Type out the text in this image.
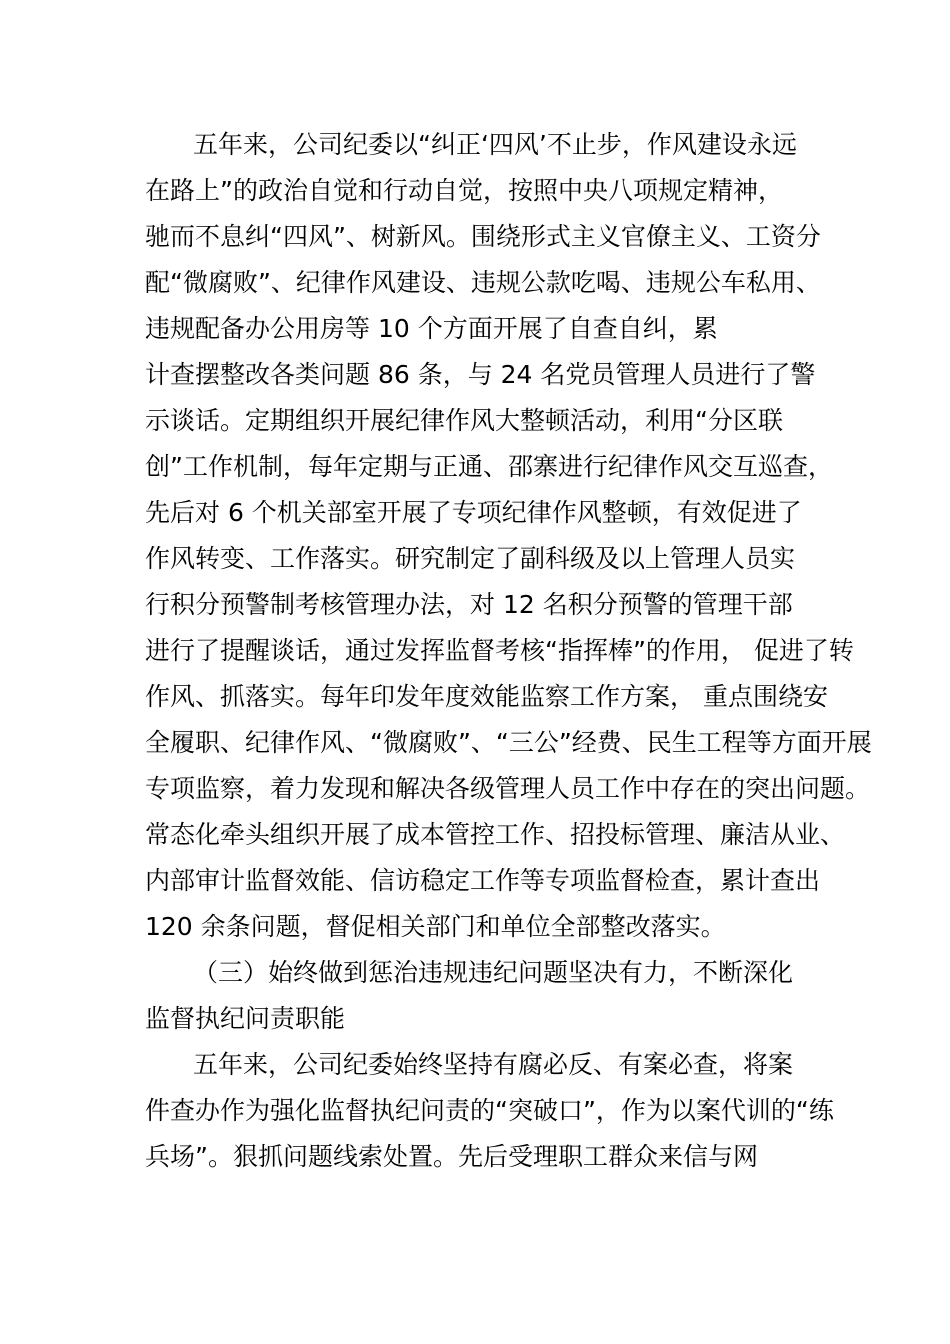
五年来，公司纪委以“纠正‘四风’不止步，作风建设永远
在路上”的政治自觉和行动自觉，按照中央八项规定精神，
驰而不息纠“四风”、树新风。围绕形式主义官僚主义、工资分
配“微腐败”、纪律作风建设、违规公款吃喝、违规公车私用、
违规配备办公用房等 10 个方面开展了自查自纠，累
计查摆整改各类问题 86 条，与 24 名党员管理人员进行了警
示谈话。定期组织开展纪律作风大整顿活动，利用“分区联
创”工作机制，每年定期与正通、邵寨进行纪律作风交互巡查，
先后对 6 个机关部室开展了专项纪律作风整顿，有效促进了
作风转变、工作落实。研究制定了副科级及以上管理人员实
行积分预警制考核管理办法，对 12 名积分预警的管理干部
进行了提醒谈话，通过发挥监督考核“指挥棒”的作用， 促进了转
作风、抓落实。每年印发年度效能监察工作方案， 重点围绕安
全履职、纪律作风、“微腐败”、“三公”经费、民生工程等方面开展
专项监察，着力发现和解决各级管理人员工作中存在的突出问题。
常态化牵头组织开展了成本管控工作、招投标管理、廉洁从业、
内部审计监督效能、信访稳定工作等专项监督检查，累计查出
120 余条问题，督促相关部门和单位全部整改落实。
（三）始终做到惩治违规违纪问题坚决有力，不断深化
监督执纪问责职能
五年来，公司纪委始终坚持有腐必反、有案必查，将案
件查办作为强化监督执纪问责的“突破口”，作为以案代训的“练
兵场”。狠抓问题线索处置。先后受理职工群众来信与网
